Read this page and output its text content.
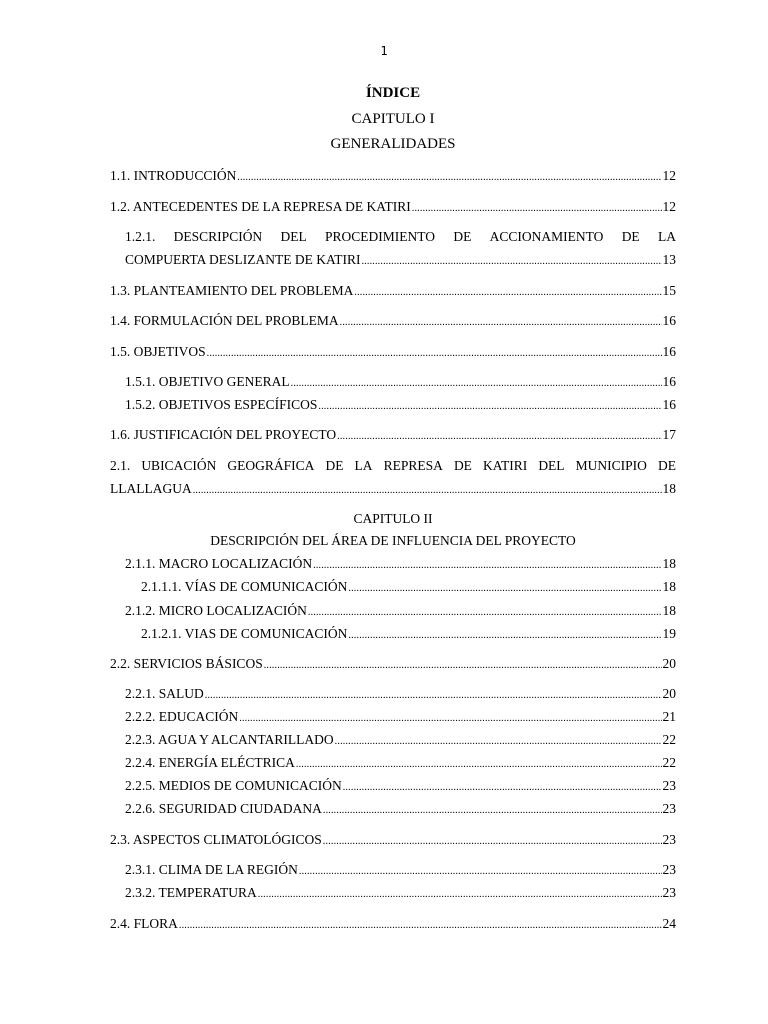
1
ÍNDICE
CAPITULO I
GENERALIDADES
1.1. INTRODUCCIÓN .....	12
1.2. ANTECEDENTES DE LA REPRESA DE KATIRI .....	12
1.2.1. DESCRIPCIÓN DEL PROCEDIMIENTO DE ACCIONAMIENTO DE LA
COMPUERTA DESLIZANTE DE KATIRI .....	13
1.3. PLANTEAMIENTO DEL PROBLEMA .....	15
1.4. FORMULACIÓN DEL PROBLEMA .....	16
1.5. OBJETIVOS .....	16
1.5.1. OBJETIVO GENERAL .....	16
1.5.2. OBJETIVOS ESPECÍFICOS .....	16
1.6. JUSTIFICACIÓN DEL PROYECTO .....	17
2.1. UBICACIÓN GEOGRÁFICA DE LA REPRESA DE KATIRI DEL MUNICIPIO DE
LLALLAGUA .....	18
CAPITULO II
DESCRIPCIÓN DEL ÁREA DE INFLUENCIA DEL PROYECTO
2.1.1. MACRO LOCALIZACIÓN .....	18
2.1.1.1. VÍAS DE COMUNICACIÓN .....	18
2.1.2. MICRO LOCALIZACIÓN .....	18
2.1.2.1. VIAS DE COMUNICACIÓN .....	19
2.2. SERVICIOS BÁSICOS .....	20
2.2.1. SALUD .....	20
2.2.2. EDUCACIÓN .....	21
2.2.3. AGUA Y ALCANTARILLADO .....	22
2.2.4. ENERGÍA ELÉCTRICA .....	22
2.2.5. MEDIOS DE COMUNICACIÓN .....	23
2.2.6. SEGURIDAD CIUDADANA .....	23
2.3. ASPECTOS CLIMATOLÓGICOS .....	23
2.3.1. CLIMA DE LA REGIÓN .....	23
2.3.2. TEMPERATURA .....	23
2.4. FLORA .....	24
